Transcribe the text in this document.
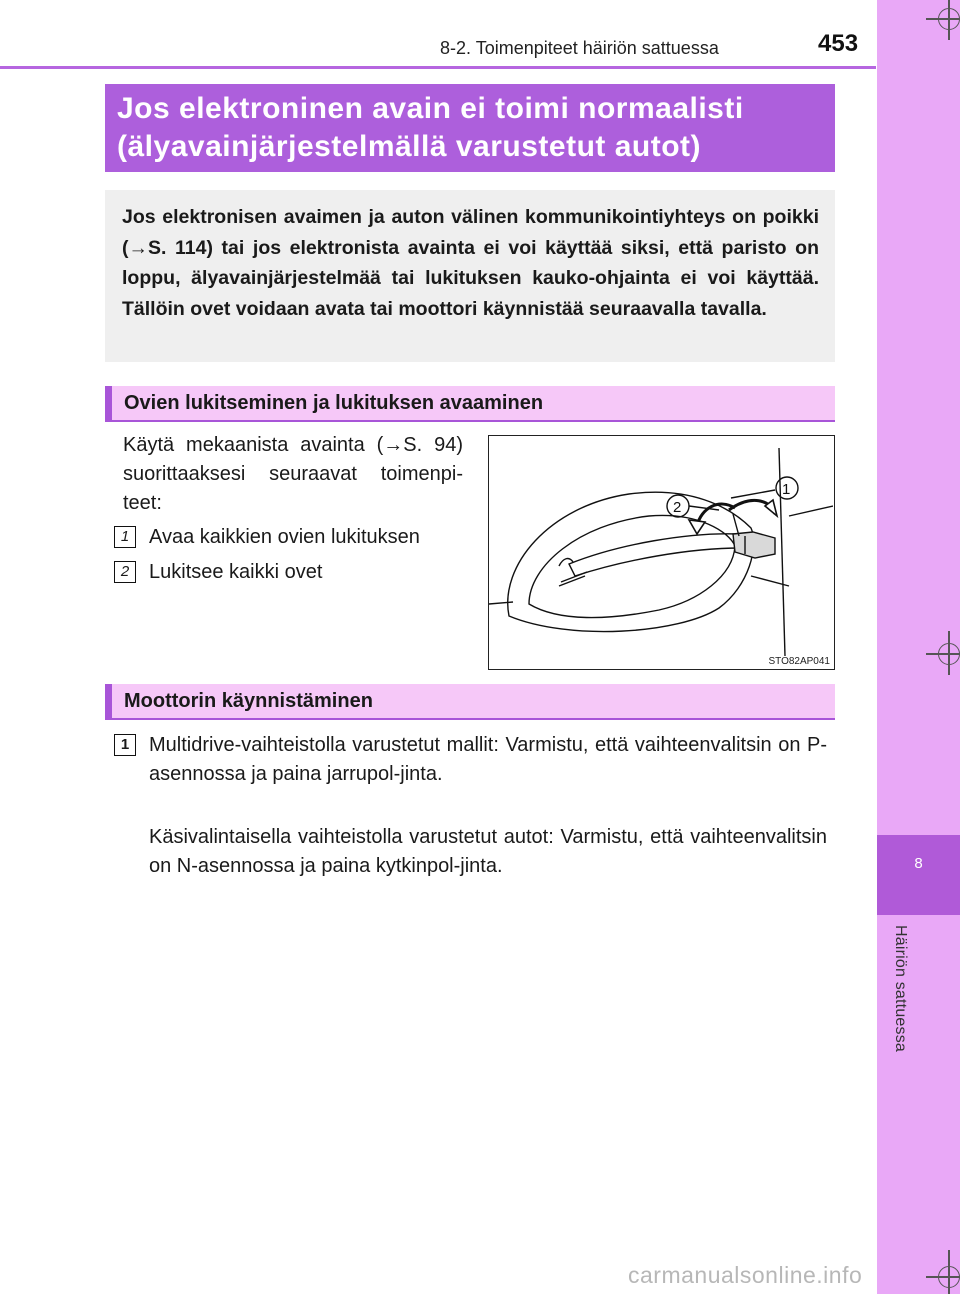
8-2. Toimenpiteet häiriön sattuessa	453
8
Häiriön sattuessa
Jos elektroninen avain ei toimi normaalisti
(älyavainjärjestelmällä varustetut autot)
Jos elektronisen avaimen ja auton välinen kommunikointiyhteys on poikki (→S. 114) tai jos elektronista avainta ei voi käyttää siksi, että paristo on loppu, älyavainjärjestelmää tai lukituksen kauko-ohjainta ei voi käyttää. Tällöin ovet voidaan avata tai moottori käynnistää seuraavalla tavalla.
Ovien lukitseminen ja lukituksen avaaminen
Käytä mekaanista avainta (→S. 94) suorittaaksesi seuraavat toimenpi-teet:
1 Avaa kaikkien ovien lukituksen
2 Lukitsee kaikki ovet
1
2
STO82AP041
Moottorin käynnistäminen
1 Multidrive-vaihteistolla varustetut mallit: Varmistu, että vaihteenvalitsin on P-asennossa ja paina jarrupol-jinta.
Käsivalintaisella vaihteistolla varustetut autot: Varmistu, että vaihteenvalitsin on N-asennossa ja paina kytkinpol-jinta.
carmanualsonline.info
